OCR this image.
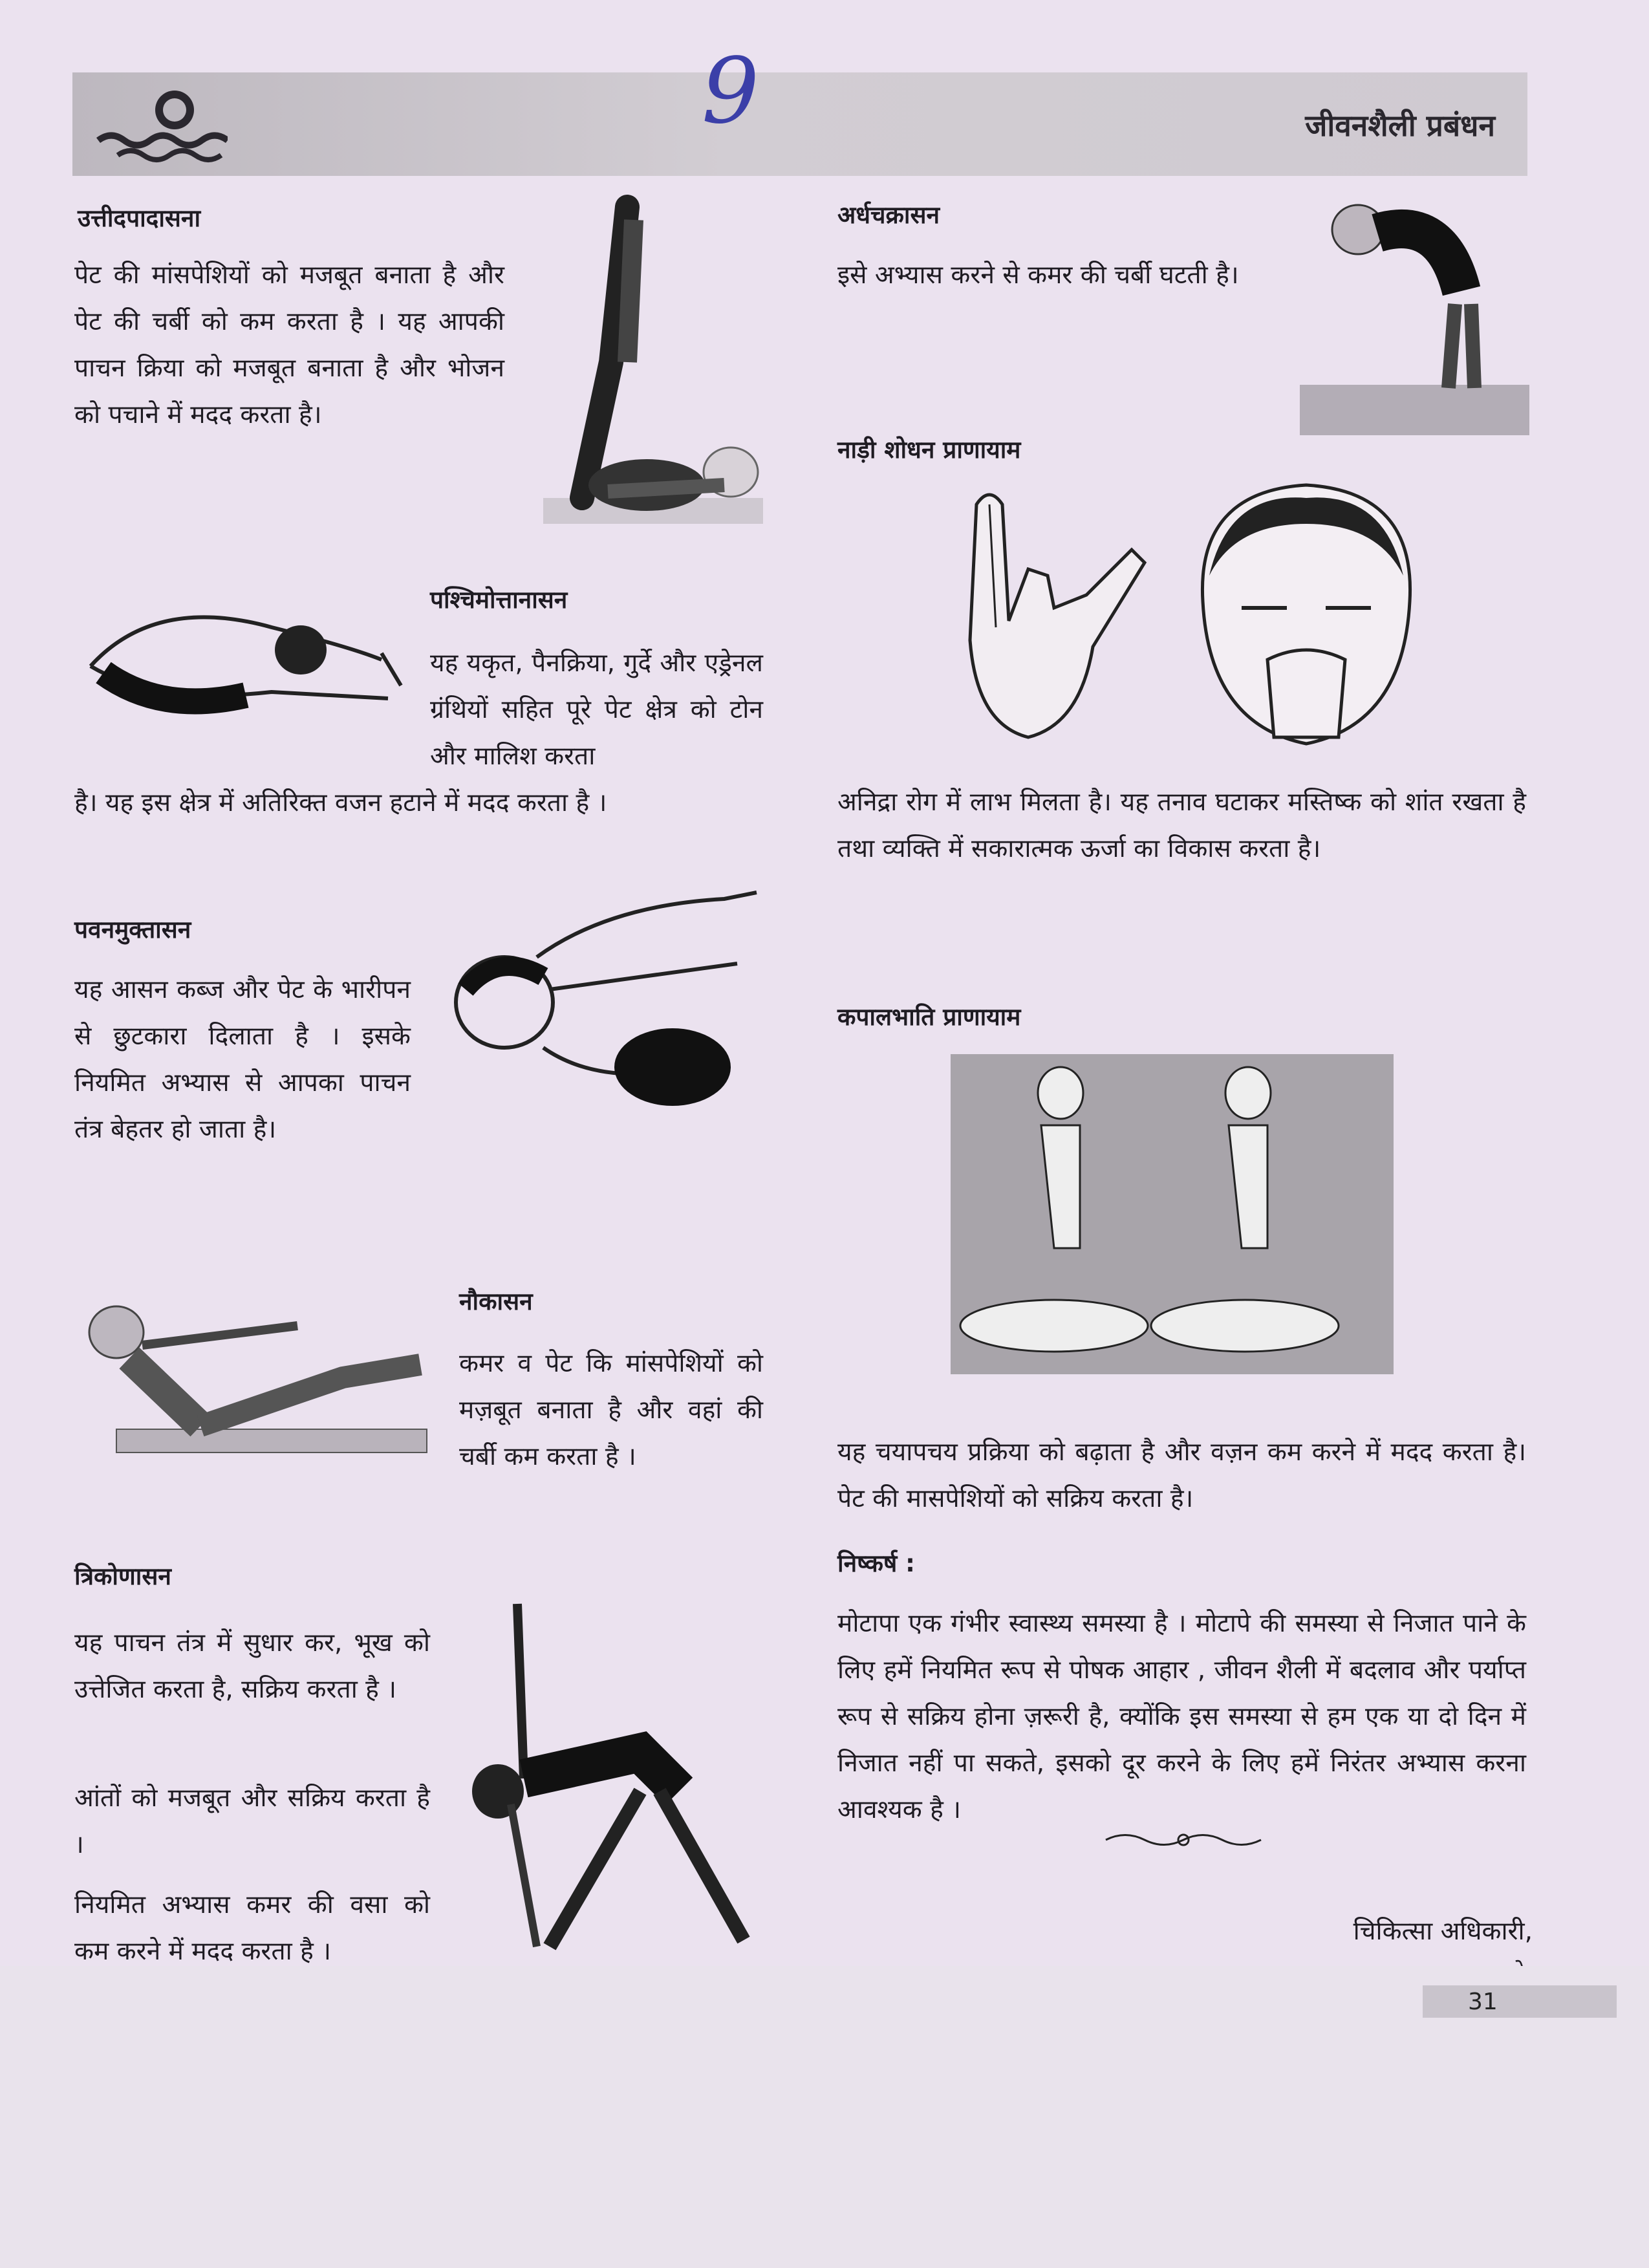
जीवनशैली प्रबंधन
9
उत्तीदपादासना
पेट की मांसपेशियों को मजबूत बनाता है और पेट की चर्बी को कम करता है । यह आपकी पाचन क्रिया को मजबूत बनाता है और भोजन को पचाने में मदद करता है।
पश्चिमोत्तानासन
यह यकृत, पैनक्रिया, गुर्दे और एड्रेनल ग्रंथियों सहित पूरे पेट क्षेत्र को टोन और मालिश करता
है। यह इस क्षेत्र में अतिरिक्त वजन हटाने में मदद करता है ।
पवनमुक्तासन
यह आसन कब्ज और पेट के भारीपन से छुटकारा दिलाता है । इसके नियमित अभ्यास से आपका पाचन तंत्र बेहतर हो जाता है।
नौकासन
कमर व पेट कि मांसपेशियों को मज़बूत बनाता है और वहां की चर्बी कम करता है ।
त्रिकोणासन
यह पाचन तंत्र में सुधार कर, भूख को उत्तेजित करता है, सक्रिय करता है ।
आंतों को मजबूत और सक्रिय करता है ।
नियमित अभ्यास कमर की वसा को कम करने में मदद करता है ।
अर्धचक्रासन
इसे अभ्यास करने से कमर की चर्बी घटती है।
नाड़ी शोधन प्राणायाम
अनिद्रा रोग में लाभ मिलता है। यह तनाव घटाकर मस्तिष्क को शांत रखता है तथा व्यक्ति में सकारात्मक ऊर्जा का विकास करता है।
कपालभाति प्राणायाम
यह चयापचय प्रक्रिया को बढ़ाता है और वज़न कम करने में मदद करता है। पेट की मासपेशियों को सक्रिय करता है।
निष्कर्ष :
मोटापा एक गंभीर स्वास्थ्य समस्या है । मोटापे की समस्या से निजात पाने के लिए हमें नियमित रूप से पोषक आहार , जीवन शैली में बदलाव और पर्याप्त रूप से सक्रिय होना ज़रूरी है, क्योंकि इस समस्या से हम एक या दो दिन में निजात नहीं पा सकते, इसको दूर करने के लिए हमें निरंतर अभ्यास करना आवश्यक है ।
चिकित्सा अधिकारी,
31
